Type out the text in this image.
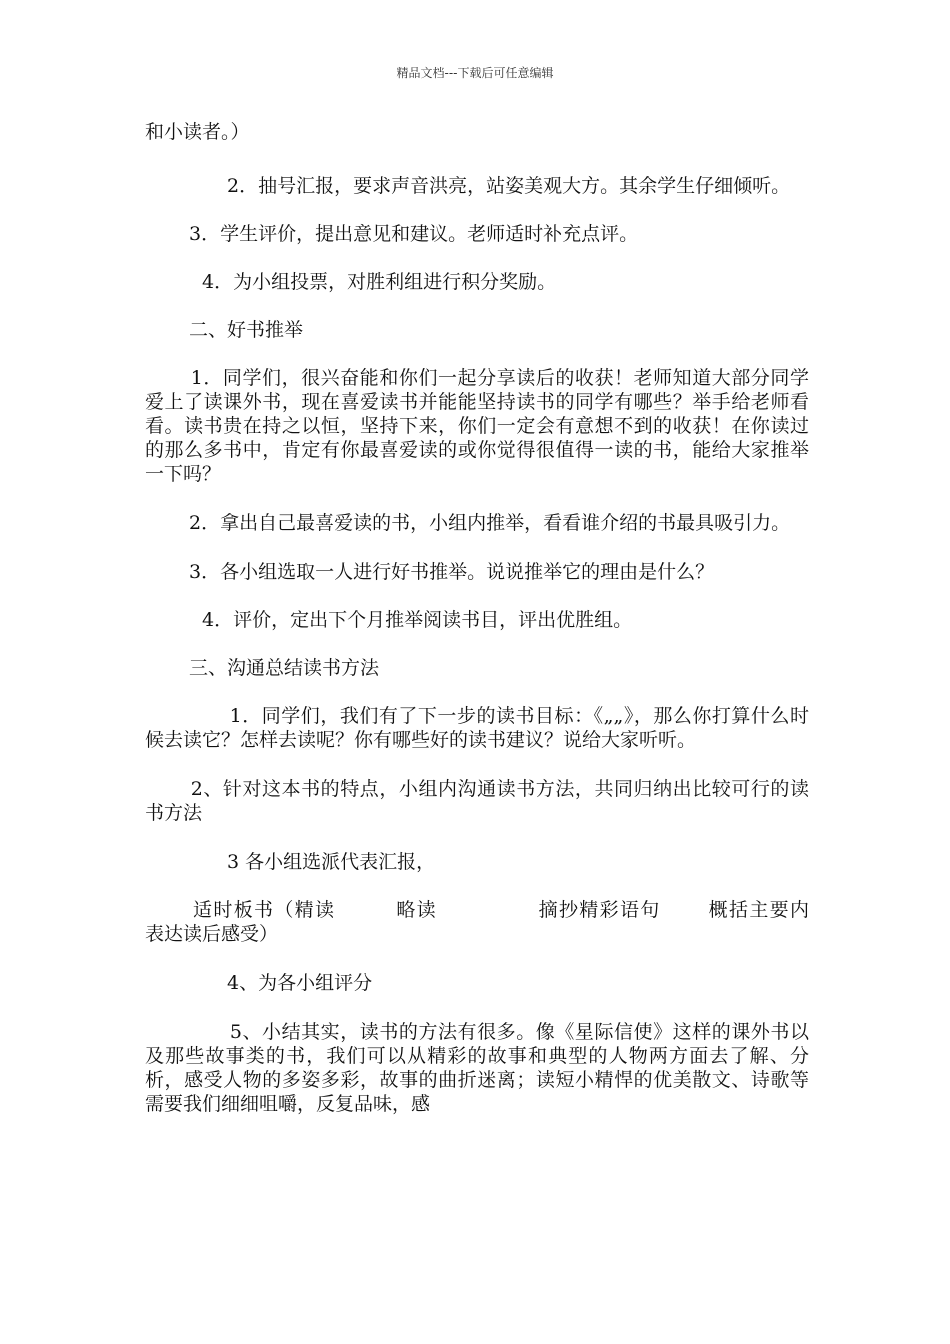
精品文档---下载后可任意编辑

和小读者。）

　　　　 2．抽号汇报，要求声音洪亮，站姿美观大方。其余学生仔细倾听。

　　 3．学生评价，提出意见和建议。老师适时补充点评。

　　　4．为小组投票，对胜利组进行积分奖励。

　　 二、好书推举

　　 1．同学们，很兴奋能和你们一起分享读后的收获！老师知道大部分同学爱上了读课外书，现在喜爱读书并能能坚持读书的同学有哪些？举手给老师看看。读书贵在持之以恒，坚持下来，你们一定会有意想不到的收获！在你读过的那么多书中，肯定有你最喜爱读的或你觉得很值得一读的书，能给大家推举一下吗？

　　 2．拿出自己最喜爱读的书，小组内推举，看看谁介绍的书最具吸引力。

　　 3．各小组选取一人进行好书推举。说说推举它的理由是什么？

　　　4．评价，定出下个月推举阅读书目，评出优胜组。

　　 三、沟通总结读书方法

　　　　 1．同学们，我们有了下一步的读书目标：《„„》，那么你打算什么时候去读它？怎样去读呢？你有哪些好的读书建议？说给大家听听。

　　 2、针对这本书的特点，小组内沟通读书方法，共同归纳出比较可行的读书方法

　　　　 3 各小组选派代表汇报，

　　 适时板书（精读　　　略读　　　　　摘抄精彩语句　　 概括主要内　　表达读后感受）

　　　　 4、为各小组评分

　　　　 5、小结其实，读书的方法有很多。像《星际信使》这样的课外书以及那些故事类的书，我们可以从精彩的故事和典型的人物两方面去了解、分析，感受人物的多姿多彩，故事的曲折迷离；读短小精悍的优美散文、诗歌等需要我们细细咀嚼，反复品味，感
